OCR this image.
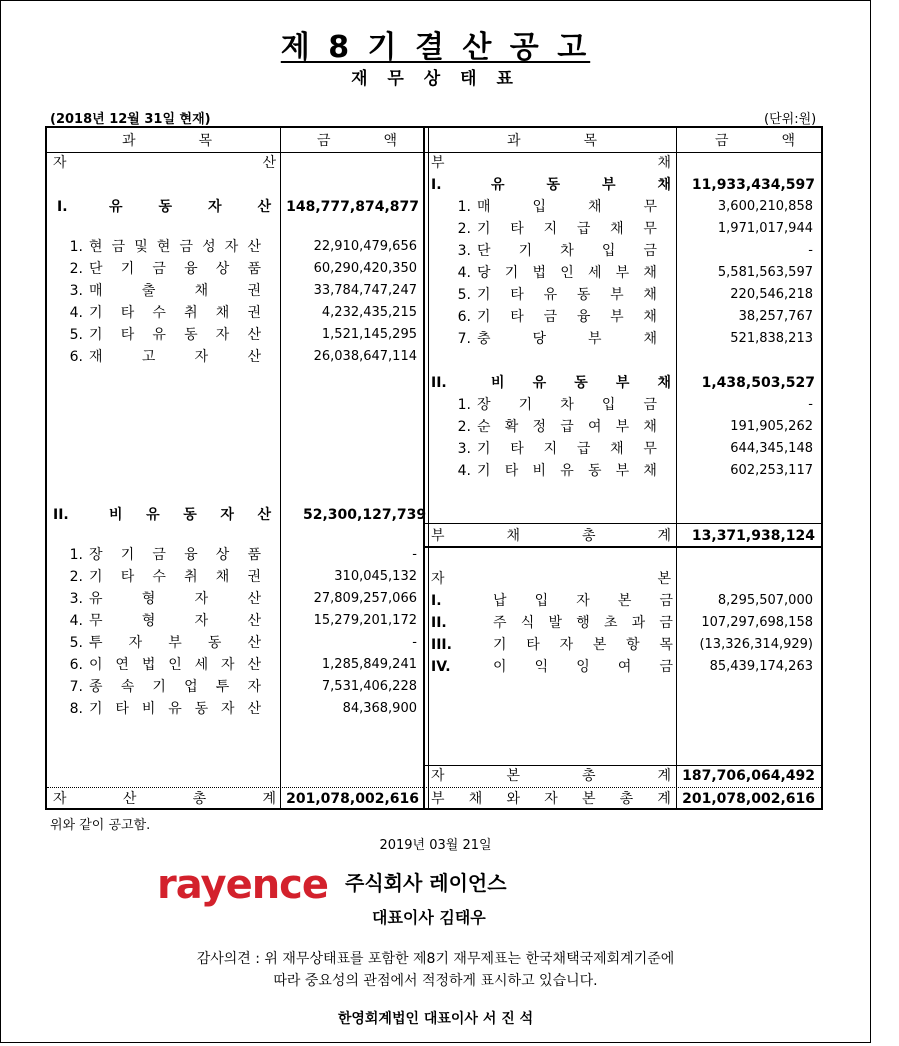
제 8 기 결 산 공 고
재 무 상 태 표
(2018년 12월 31일 현재)	(단위:원)
과	목	금	액	과	목	금	액
자	산
I.	유	동	자	산 148,777,874,877
1. 현 금 및 현 금 성 자 산	22,910,479,656
2. 단 기 금 융 상 품	60,290,420,350
3. 매	출	채	권	33,784,747,247
4. 기 타 수 취 채 권	4,232,435,215
5. 기 타 유 동 자 산	1,521,145,295
6. 재	고	자	산	26,038,647,114
II.	비 유 동 자 산	52,300,127,739
1. 장 기 금 융 상 품	-
2. 기 타 수 취 채 권	310,045,132
3. 유	형	자	산	27,809,257,066
4. 무	형	자	산	15,279,201,172
5. 투 자 부 동 산	-
6. 이 연 법 인 세 자 산	1,285,849,241
7. 종 속 기 업 투 자	7,531,406,228
8. 기 타 비 유 동 자 산	84,368,900
자	산	총	계 201,078,002,616
부	채
I.	유	동	부	채	11,933,434,597
1. 매	입	채	무	3,600,210,858
2. 기 타 지 급 채 무	1,971,017,944
3. 단 기 차 입 금	-
4. 당 기 법 인 세 부 채	5,581,563,597
5. 기 타 유 동 부 채	220,546,218
6. 기 타 금 융 부 채	38,257,767
7. 충	당	부	채	521,838,213
II.	비 유 동 부 채	1,438,503,527
1. 장 기 차 입 금	-
2. 순 확 정 급 여 부 채	191,905,262
3. 기 타 지 급 채 무	644,345,148
4. 기 타 비 유 동 부 채	602,253,117
부	채	총	계	13,371,938,124
자	본
I.	납 입 자 본 금	8,295,507,000
II.	주 식 발 행 초 과 금	107,297,698,158
III.	기 타 자 본 항 목	(13,326,314,929)
IV.	이 익 잉 여 금	85,439,174,263
자	본	총	계 187,706,064,492
부 채 와 자 본 총 계 201,078,002,616
위와 같이 공고함.
2019년 03월 21일
rayence 주식회사 레이언스
대표이사 김태우
감사의견 : 위 재무상태표를 포함한 제8기 재무제표는 한국채택국제회계기준에
따라 중요성의 관점에서 적정하게 표시하고 있습니다.
한영회계법인 대표이사 서 진 석
